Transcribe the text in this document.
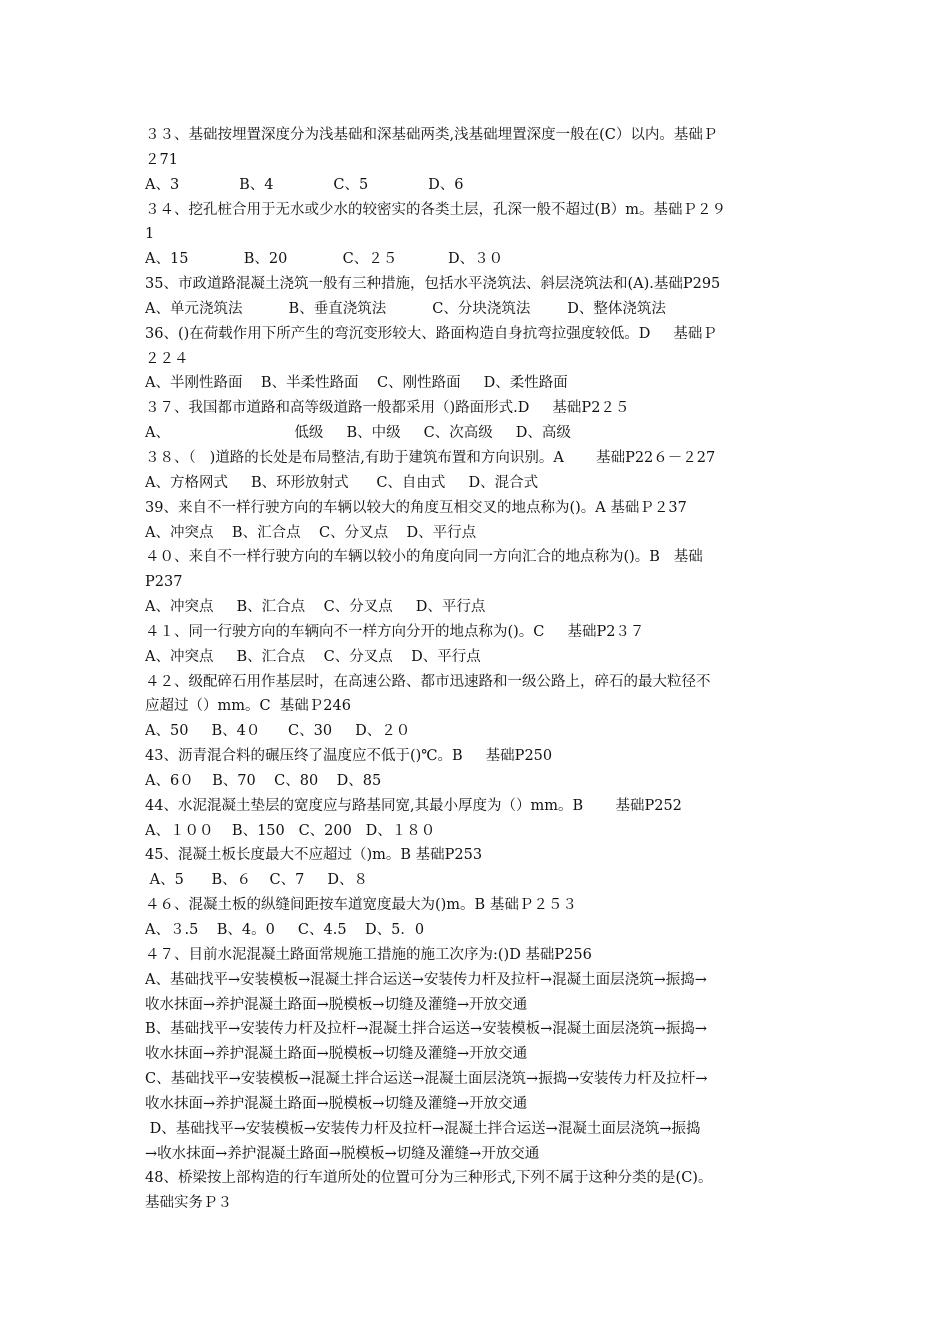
３３、基础按埋置深度分为浅基础和深基础两类,浅基础埋置深度一般在(C）以内。基础Ｐ
２71
A、3             B、4             C、5             D、6
３４、挖孔桩合用于无水或少水的较密实的各类土层，孔深一般不超过(B）m。基础Ｐ２９
1
A、15            B、20            C、２５           D、３０
35、市政道路混凝土浇筑一般有三种措施，包括水平浇筑法、斜层浇筑法和(A).基础P295
A、单元浇筑法          B、垂直浇筑法          C、分块浇筑法        D、整体浇筑法
36、()在荷载作用下所产生的弯沉变形较大、路面构造自身抗弯拉强度较低。D     基础Ｐ
２２４
A、半刚性路面    B、半柔性路面    C、刚性路面     D、柔性路面
３７、我国都市道路和高等级道路一般都采用（)路面形式.D     基础P2２５
A、                           低级     B、中级     C、次高级     D、高级
３８、（   )道路的长处是布局整洁,有助于建筑布置和方向识别。A       基础P22６－２27
A、方格网式     B、环形放射式      C、自由式     D、混合式
39、来自不一样行驶方向的车辆以较大的角度互相交叉的地点称为()。A 基础Ｐ２37
A、冲突点    B、汇合点    C、分叉点    D、平行点
４０、来自不一样行驶方向的车辆以较小的角度向同一方向汇合的地点称为()。B   基础
P237
A、冲突点     B、汇合点    C、分叉点     D、平行点
４１、同一行驶方向的车辆向不一样方向分开的地点称为()。C     基础P2３７
A、冲突点     B、汇合点    C、分叉点    D、平行点
４２、级配碎石用作基层时，在高速公路、都市迅速路和一级公路上，碎石的最大粒径不
应超过（）mm。C  基础Ｐ246
A、50     B、4０      C、30     D、２０
43、沥青混合料的碾压终了温度应不低于()℃。B     基础P250
A、6０    B、70    C、80    D、85
44、水泥混凝土垫层的宽度应与路基同宽,其最小厚度为（）mm。B       基础P252
A、１００    B、150   C、200   D、１８０
45、混凝土板长度最大不应超过（)m。B 基础P253
A、5      B、６    C、7     D、８
４６、混凝土板的纵缝间距按车道宽度最大为()m。B 基础Ｐ２５３
A、３.5    B、4。0     C、4.5    D、5．0
４７、目前水泥混凝土路面常规施工措施的施工次序为:()D 基础P256
A、基础找平→安装模板→混凝土拌合运送→安装传力杆及拉杆→混凝土面层浇筑→振捣→
收水抹面→养护混凝土路面→脱模板→切缝及灌缝→开放交通
B、基础找平→安装传力杆及拉杆→混凝土拌合运送→安装模板→混凝土面层浇筑→振捣→
收水抹面→养护混凝土路面→脱模板→切缝及灌缝→开放交通
C、基础找平→安装模板→混凝土拌合运送→混凝土面层浇筑→振捣→安装传力杆及拉杆→
收水抹面→养护混凝土路面→脱模板→切缝及灌缝→开放交通
D、基础找平→安装模板→安装传力杆及拉杆→混凝土拌合运送→混凝土面层浇筑→振捣
→收水抹面→养护混凝土路面→脱模板→切缝及灌缝→开放交通
48、桥梁按上部构造的行车道所处的位置可分为三种形式,下列不属于这种分类的是(C)。
基础实务Ｐ３
